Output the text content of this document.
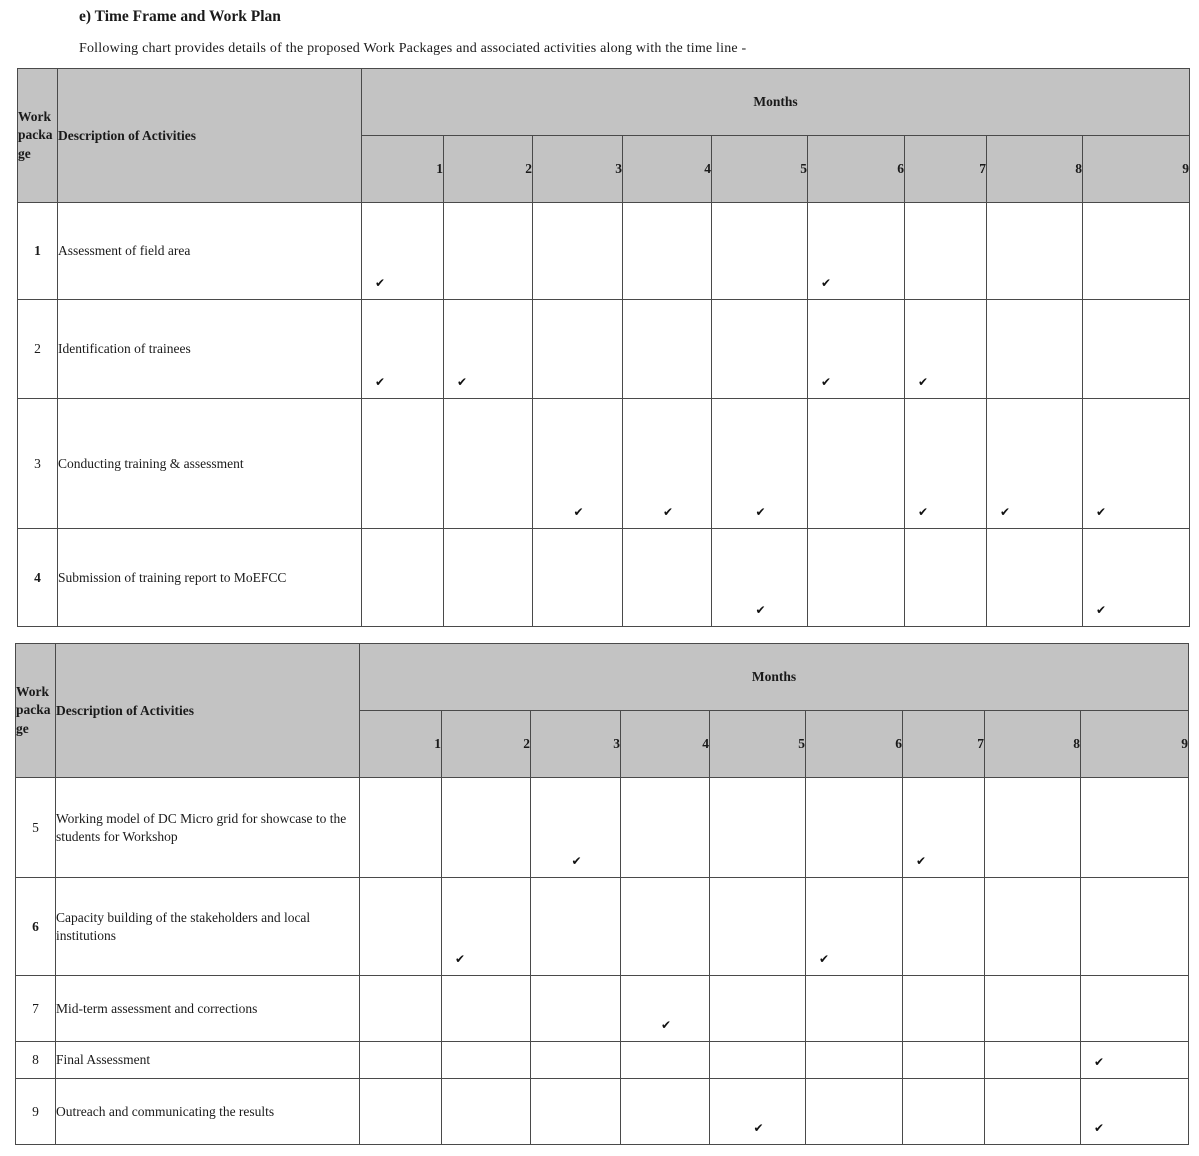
e) Time Frame and Work Plan
Following chart provides details of the proposed Work Packages and associated activities along with the time line -
Work package	Description of Activities	Months								
		1	2	3	4	5	6	7	8	9
1	Assessment of field area	✔					✔			

2	Identification of trainees	✔	✔				✔	✔		

3	Conducting training & assessment			✔	✔	✔		✔	✔	✔

4	Submission of training report to MoEFCC					✔				✔
Work package	Description of Activities	Months								
		1	2	3	4	5	6	7	8	9
5	Working model of DC Micro grid for showcase to the students for Workshop			✔				✔		

6	Capacity building of the stakeholders and local institutions		✔				✔			

7	Mid-term assessment and corrections				✔					

8	Final Assessment									✔

9	Outreach and communicating the results					✔				✔
